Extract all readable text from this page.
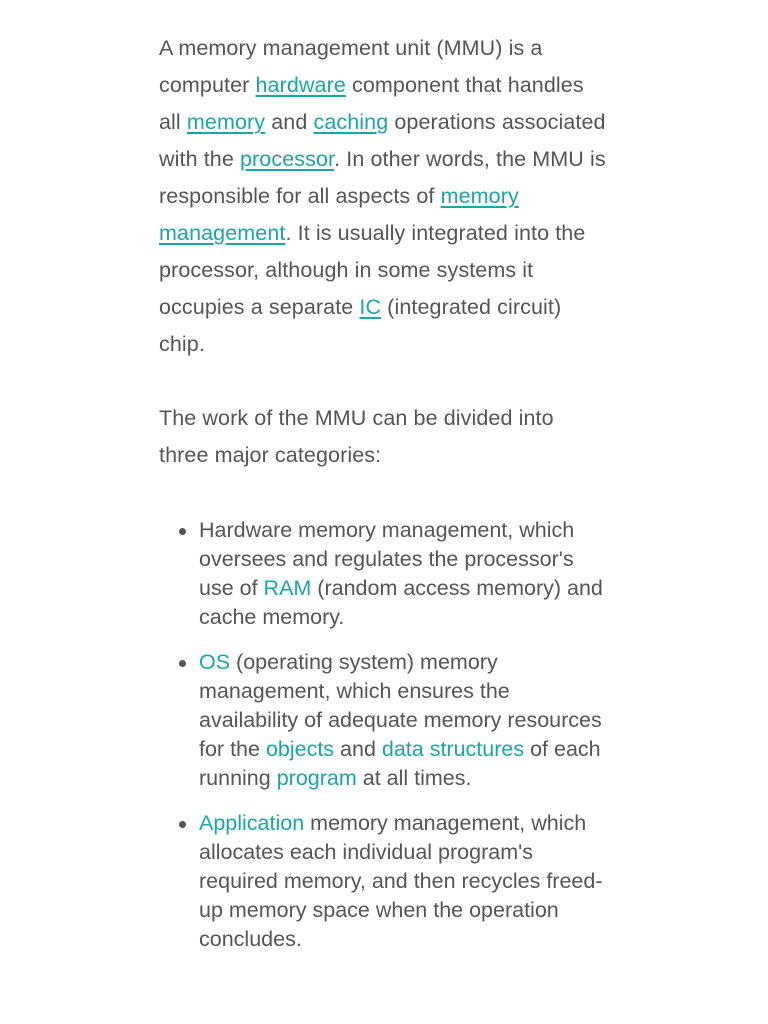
A memory management unit (MMU) is a computer hardware component that handles all memory and caching operations associated with the processor. In other words, the MMU is responsible for all aspects of memory management. It is usually integrated into the processor, although in some systems it occupies a separate IC (integrated circuit) chip.

The work of the MMU can be divided into three major categories:

Hardware memory management, which oversees and regulates the processor's use of RAM (random access memory) and cache memory.
OS (operating system) memory management, which ensures the availability of adequate memory resources for the objects and data structures of each running program at all times.
Application memory management, which allocates each individual program's required memory, and then recycles freed-up memory space when the operation concludes.
